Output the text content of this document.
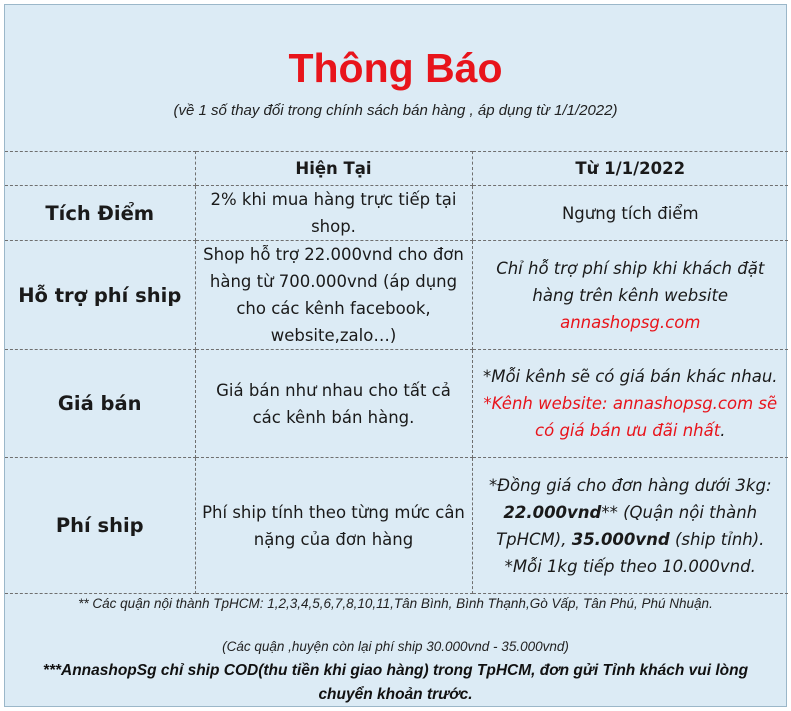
Thông Báo
(về 1 số thay đổi trong chính sách bán hàng , áp dụng từ 1/1/2022)
	Hiện Tại	Từ 1/1/2022
Tích Điểm	2% khi mua hàng trực tiếp tại shop.	Ngưng tích điểm
Hỗ trợ phí ship	Shop hỗ trợ 22.000vnd cho đơn hàng từ 700.000vnd (áp dụng cho các kênh facebook, website,zalo…)	Chỉ hỗ trợ phí ship khi khách đặt hàng trên kênh website
annashopsg.com
Giá bán	Giá bán như nhau cho tất cả các kênh bán hàng.	*Mỗi kênh sẽ có giá bán khác nhau.
*Kênh website: annashopsg.com sẽ có giá bán ưu đãi nhất.
Phí ship	Phí ship tính theo từng mức cân nặng của đơn hàng	*Đồng giá cho đơn hàng dưới 3kg:
22.000vnd** (Quận nội thành TpHCM), 35.000vnd (ship tỉnh).
*Mỗi 1kg tiếp theo 10.000vnd.
** Các quận nội thành TpHCM: 1,2,3,4,5,6,7,8,10,11,Tân Bình, Bình Thạnh,Gò Vấp, Tân Phú, Phú Nhuận.
(Các quận ,huyện còn lại phí ship 30.000vnd - 35.000vnd)
***AnnashopSg chỉ ship COD(thu tiền khi giao hàng) trong TpHCM, đơn gửi Tỉnh khách vui lòng chuyển khoản trước.
